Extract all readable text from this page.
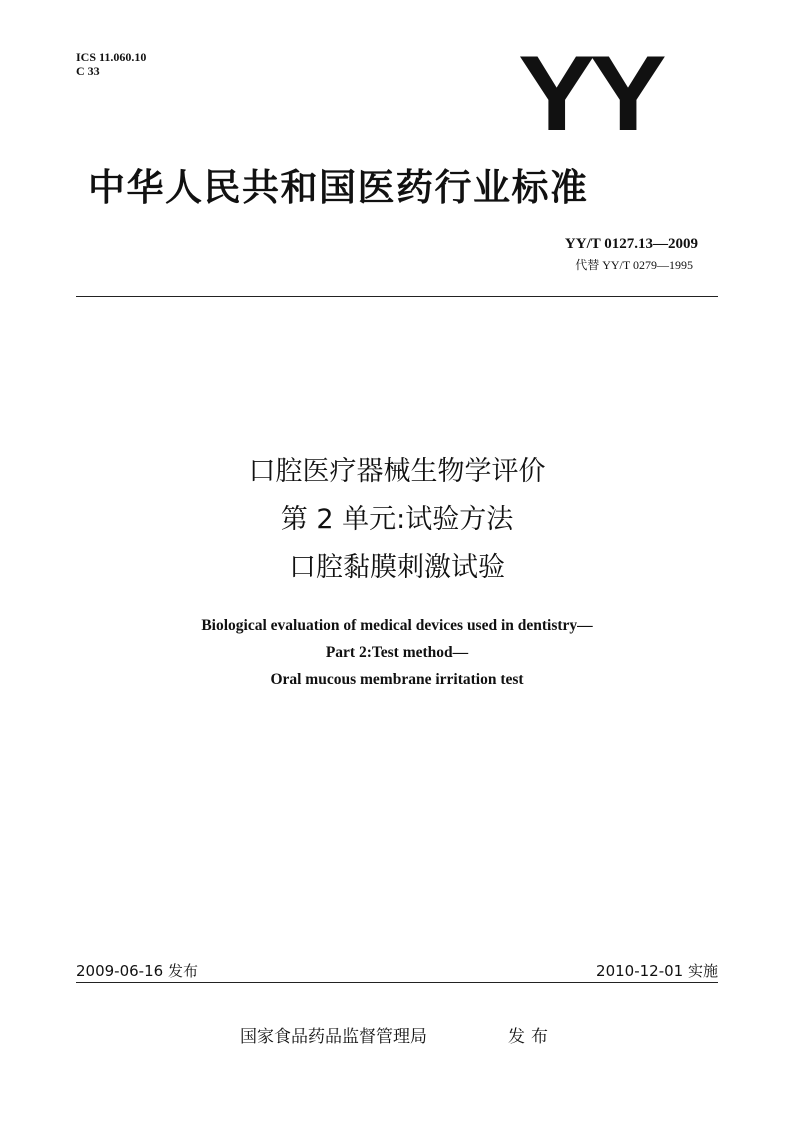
ICS 11.060.10
C 33	YY
中华人民共和国医药行业标准
YY/T 0127.13—2009
代替 YY/T 0279—1995
口腔医疗器械生物学评价
第 2 单元:试验方法
口腔黏膜刺激试验
Biological evaluation of medical devices used in dentistry—
Part 2:Test method—
Oral mucous membrane irritation test
2009-06-16 发布	2010-12-01 实施
国家食品药品监督管理局	发布
